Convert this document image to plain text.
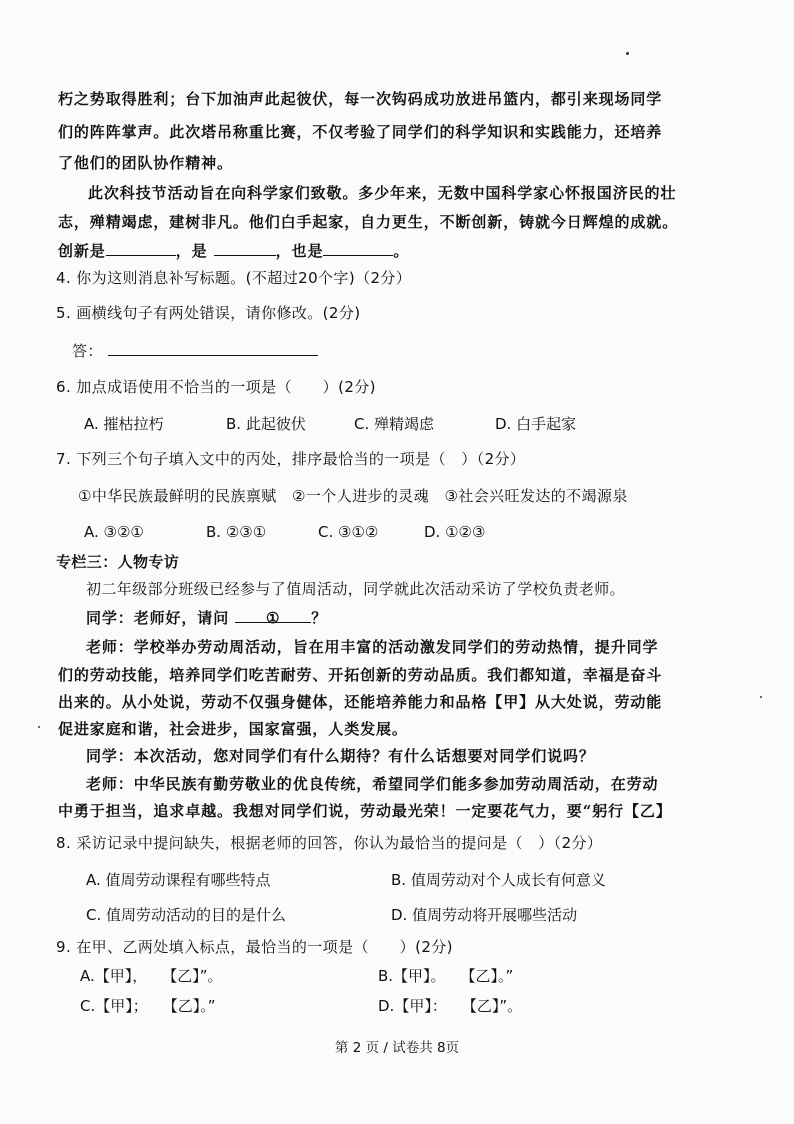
朽之势取得胜利；台下加油声此起彼伏，每一次钩码成功放进吊篮内，都引来现场同学
们的阵阵掌声。此次塔吊称重比赛，不仅考验了同学们的科学知识和实践能力，还培养
了他们的团队协作精神。
此次科技节活动旨在向科学家们致敬。多少年来，无数中国科学家心怀报国济民的壮
志，殚精竭虑，建树非凡。他们白手起家，自力更生，不断创新，铸就今日辉煌的成就。
创新是	，是	，也是	。
4. 你为这则消息补写标题。(不超过20个字)（2分）
5. 画横线句子有两处错误，请你修改。(2分)
答：
6. 加点成语使用不恰当的一项是（　　）(2分)
A. 摧枯拉朽	B. 此起彼伏	C. 殚精竭虑	D. 白手起家
7. 下列三个句子填入文中的丙处，排序最恰当的一项是（　）（2分）
①中华民族最鲜明的民族禀赋　②一个人进步的灵魂　③社会兴旺发达的不竭源泉
A. ③②①	B. ②③①	C. ③①②	D. ①②③
专栏三：人物专访
初二年级部分班级已经参与了值周活动，同学就此次活动采访了学校负责老师。
同学：老师好，请问 ① ？
老师：学校举办劳动周活动，旨在用丰富的活动激发同学们的劳动热情，提升同学
们的劳动技能，培养同学们吃苦耐劳、开拓创新的劳动品质。我们都知道，幸福是奋斗
出来的。从小处说，劳动不仅强身健体，还能培养能力和品格【甲】从大处说，劳动能
促进家庭和谐，社会进步，国家富强，人类发展。
同学：本次活动，您对同学们有什么期待？有什么话想要对同学们说吗？
老师：中华民族有勤劳敬业的优良传统，希望同学们能多参加劳动周活动，在劳动
中勇于担当，追求卓越。我想对同学们说，劳动最光荣！一定要花气力，要“躬行【乙】
8. 采访记录中提问缺失，根据老师的回答，你认为最恰当的提问是（　）（2分）
A. 值周劳动课程有哪些特点	B. 值周劳动对个人成长有何意义
C. 值周劳动活动的目的是什么	D. 值周劳动将开展哪些活动
9. 在甲、乙两处填入标点，最恰当的一项是（　　）(2分)
A.【甲】，　　【乙】”。	B.【甲】。　　【乙】。”
C.【甲】；　　【乙】。”	D.【甲】：　　【乙】”。
第 2 页 / 试卷共 8页
